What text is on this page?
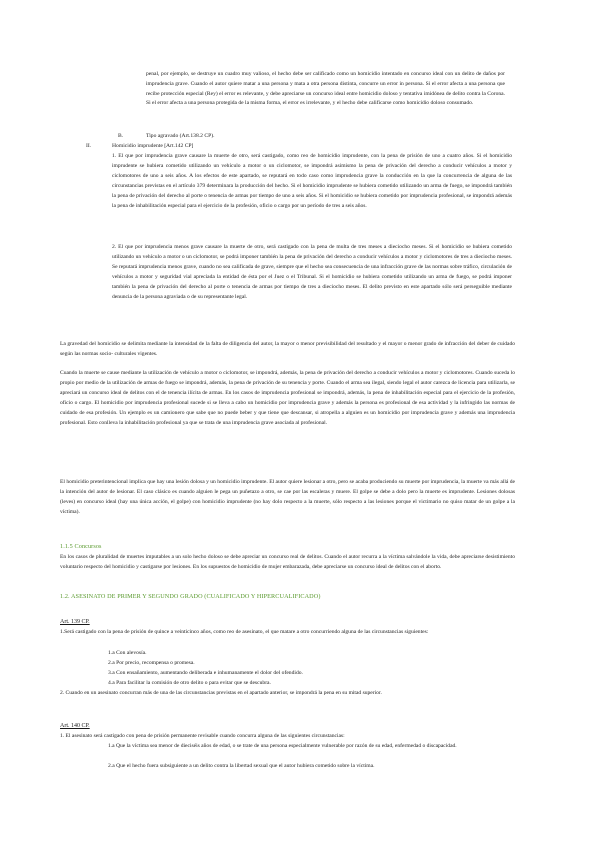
penal, por ejemplo, se destruye un cuadro muy valioso, el hecho debe ser calificado como un homicidio intentado en concurso ideal con un delito de daños por imprudencia grave. Cuando el autor quiere matar a una persona y mata a otra persona distinta, concurre un error in persona. Si el error afecta a una persona que recibe protección especial (Rey) el error es relevante, y debe apreciarse un concurso ideal entre homicidio doloso y tentativa imidónea de delito contra la Corona. Si el error afecta a una persona protegida de la misma forma, el error es irrelevante, y el hecho debe calificarse como homicidio doloso consumado.

B.	Tipo agravado (Art.138.2 CP).

II.	Homicidio imprudente [Art.142 CP]

1. El que por imprudencia grave causare la muerte de otro, será castigado, como reo de homicidio imprudente, con la pena de prisión de uno a cuatro años. Si el homicidio imprudente se hubiera cometido utilizando un vehículo a motor o un ciclomotor, se impondrá asimismo la pena de privación del derecho a conducir vehículos a motor y ciclomotores de uno a seis años. A los efectos de este apartado, se reputará en todo caso como imprudencia grave la conducción en la que la concurrencia de alguna de las circunstancias previstas en el artículo 379 determinara la producción del hecho. Si el homicidio imprudente se hubiera cometido utilizando un arma de fuego, se impondrá también la pena de privación del derecho al porte o tenencia de armas por tiempo de uno a seis años. Si el homicidio se hubiera cometido por imprudencia profesional, se impondrá además la pena de inhabilitación especial para el ejercicio de la profesión, oficio o cargo por un período de tres a seis años.

2. El que por imprudencia menos grave causare la muerte de otro, será castigado con la pena de multa de tres meses a dieciocho meses. Si el homicidio se hubiera cometido utilizando un vehículo a motor o un ciclomotor, se podrá imponer también la pena de privación del derecho a conducir vehículos a motor y ciclomotores de tres a dieciocho meses. Se reputará imprudencia menos grave, cuando no sea calificada de grave, siempre que el hecho sea consecuencia de una infracción grave de las normas sobre tráfico, circulación de vehículos a motor y seguridad vial apreciada la entidad de ésta por el Juez o el Tribunal. Si el homicidio se hubiera cometido utilizando un arma de fuego, se podrá imponer también la pena de privación del derecho al porte o tenencia de armas por tiempo de tres a dieciocho meses. El delito previsto en este apartado sólo será perseguible mediante denuncia de la persona agraviada o de su representante legal.

La gravedad del homicidio se delimita mediante la intensidad de la falta de diligencia del autor, la mayor o menor previsibilidad del resultado y el mayor o menor grado de infracción del deber de cuidado según las normas socio- culturales vigentes.

Cuando la muerte se cause mediante la utilización de vehículo a motor o ciclomotor, se impondrá, además, la pena de privación del derecho a conducir vehículos a motor y ciclomotores. Cuando suceda lo propio por medio de la utilización de armas de fuego se impondrá, además, la pena de privación de su tenencia y porte. Cuando el arma sea ilegal, siendo legal el autor carezca de licencia para utilizarla, se apreciará un concurso ideal de delitos con el de tenencia ilícita de armas. En los casos de imprudencia profesional se impondrá, además, la pena de inhabilitación especial para el ejercicio de la profesión, oficio o cargo. El homicidio por imprudencia profesional sucede si se lleva a cabo un homicidio por imprudencia grave y además la persona es profesional de esa actividad y la infringido las normas de cuidado de esa profesión. Un ejemplo es un camionero que sabe que no puede beber y que tiene que descansar, si atropella a alguien es un homicidio por imprudencia grave y además una imprudencia profesional. Esto conlleva la inhabilitación profesional ya que se trata de una imprudencia grave asociada al profesional.

El homicidio preterintencional implica que hay una lesión dolosa y un homicidio imprudente. El autor quiere lesionar a otro, pero se acaba produciendo su muerte por imprudencia, la muerte va más allá de la intención del autor de lesionar. El caso clásico es cuando alguien le pega un puñetazo a otro, se cae por las escaleras y muere. El golpe se debe a dolo pero la muerte es imprudente. Lesiones dolosas (leves) en concurso ideal (hay una única acción, el golpe) con homicidio imprudente (no hay dolo respecto a la muerte, sólo respecto a las lesiones porque el victimario no quiso matar de un golpe a la víctima).

1.1.5 Concursos

En los casos de pluralidad de muertes imputables a un solo hecho doloso se debe apreciar un concurso real de delitos. Cuando el autor recurra a la víctima salvándole la vida, debe apreciarse desistimiento voluntario respecto del homicidio y castigarse por lesiones. En los supuestos de homicidio de mujer embarazada, debe apreciarse un concurso ideal de delitos con el aborto.

1.2. ASESINATO DE PRIMER Y SEGUNDO GRADO (CUALIFICADO Y HIPERCUALIFICADO)

Art. 139 CP.

1.Será castigado con la pena de prisión de quince a veinticinco años, como reo de asesinato, el que matare a otro concurriendo alguna de las circunstancias siguientes:

1.a Con alevosía.

2.a Por precio, recompensa o promesa.

3.a Con ensañamiento, aumentando deliberada e inhumanamente el dolor del ofendido.

4.a Para facilitar la comisión de otro delito o para evitar que se descubra.

2. Cuando en un asesinato concurran más de una de las circunstancias previstas en el apartado anterior, se impondrá la pena en su mitad superior.

Art. 140 CP.

1. El asesinato será castigado con pena de prisión permanente revisable cuando concurra alguna de las siguientes circunstancias:

1.a Que la víctima sea menor de dieciséis años de edad, o se trate de una persona especialmente vulnerable por razón de su edad, enfermedad o discapacidad.

2.a Que el hecho fuera subsiguiente a un delito contra la libertad sexual que el autor hubiera cometido sobre la víctima.
